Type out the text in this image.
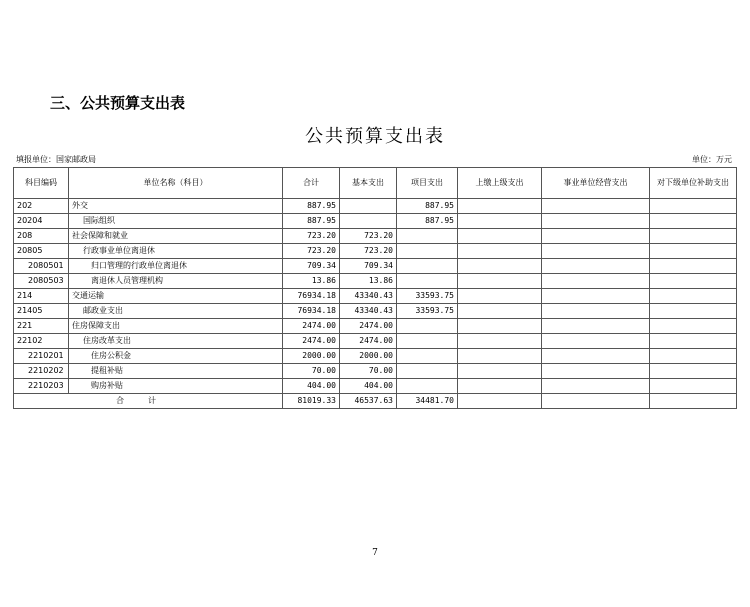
三、公共预算支出表
公共预算支出表
填报单位：国家邮政局	单位：万元
科目编码	单位名称（科目）	合计	基本支出	项目支出	上缴上级支出	事业单位经营支出	对下级单位补助支出
202	外交	887.95		887.95			
20204	国际组织	887.95		887.95			
208	社会保障和就业	723.20	723.20				
20805	行政事业单位离退休	723.20	723.20				
2080501	归口管理的行政单位离退休	709.34	709.34				
2080503	离退休人员管理机构	13.86	13.86				
214	交通运输	76934.18	43340.43	33593.75			
21405	邮政业支出	76934.18	43340.43	33593.75			
221	住房保障支出	2474.00	2474.00				
22102	住房改革支出	2474.00	2474.00				
2210201	住房公积金	2000.00	2000.00				
2210202	提租补贴	70.00	70.00				
2210203	购房补贴	404.00	404.00				
合计		81019.33	46537.63	34481.70			
7
